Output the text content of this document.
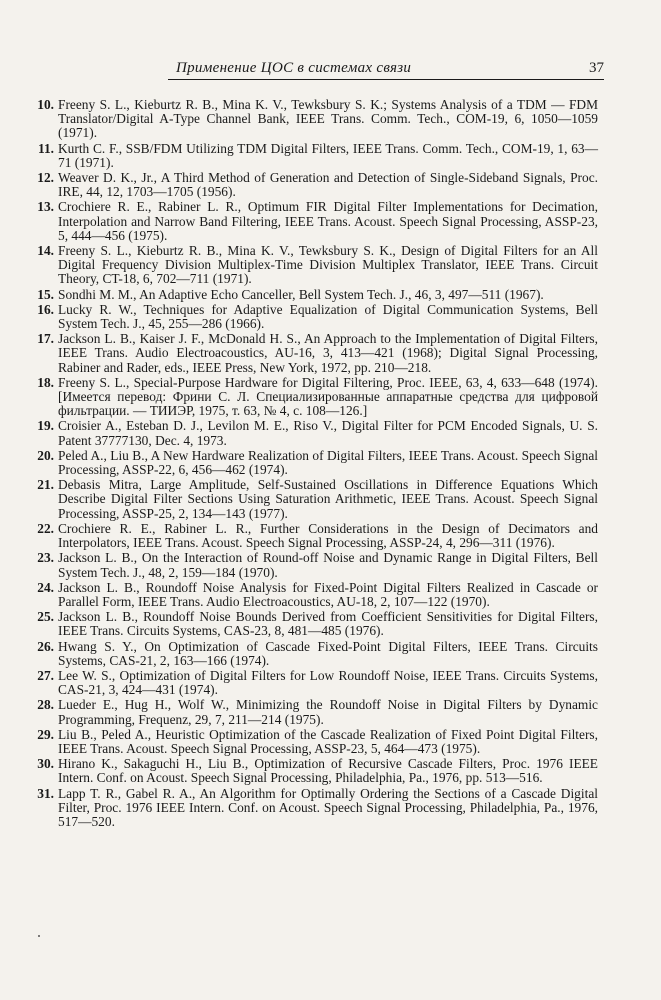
Применение ЦОС в системах связи	37
10 . Freeny S. L., Kieburtz R. B., Mina K. V., Tewksbury S. K.; Systems Analysis of a TDM — FDM Translator/Digital A-Type Channel Bank, IEEE Trans. Comm. Tech., COM-19, 6, 1050—1059 (1971).
11 . Kurth C. F., SSB/FDM Utilizing TDM Digital Filters, IEEE Trans. Comm. Tech., COM-19, 1, 63—71 (1971).
12 . Weaver D. K., Jr., A Third Method of Generation and Detection of Single-Sideband Signals, Proc. IRE, 44, 12, 1703—1705 (1956).
13 . Crochiere R. E., Rabiner L. R., Optimum FIR Digital Filter Implementations for Decimation, Interpolation and Narrow Band Filtering, IEEE Trans. Acoust. Speech Signal Processing, ASSP-23, 5, 444—456 (1975).
14 . Freeny S. L., Kieburtz R. B., Mina K. V., Tewksbury S. K., Design of Digital Filters for an All Digital Frequency Division Multiplex-Time Division Multiplex Translator, IEEE Trans. Circuit Theory, CT-18, 6, 702—711 (1971).
15 . Sondhi M. M., An Adaptive Echo Canceller, Bell System Tech. J., 46, 3, 497—511 (1967).
16 . Lucky R. W., Techniques for Adaptive Equalization of Digital Communication Systems, Bell System Tech. J., 45, 255—286 (1966).
17 . Jackson L. B., Kaiser J. F., McDonald H. S., An Approach to the Implementation of Digital Filters, IEEE Trans. Audio Electroacoustics, AU-16, 3, 413—421 (1968); Digital Signal Processing, Rabiner and Rader, eds., IEEE Press, New York, 1972, pp. 210—218.
18 . Freeny S. L., Special-Purpose Hardware for Digital Filtering, Proc. IEEE, 63, 4, 633—648 (1974). [Имеется перевод: Фрини С. Л. Специализированные аппаратные средства для цифровой фильтрации. — ТИИЭР, 1975, т. 63, № 4, с. 108—126.]
19 . Croisier A., Esteban D. J., Levilon M. E., Riso V., Digital Filter for PCM Encoded Signals, U. S. Patent 37777130, Dec. 4, 1973.
20 . Peled A., Liu B., A New Hardware Realization of Digital Filters, IEEE Trans. Acoust. Speech Signal Processing, ASSP-22, 6, 456—462 (1974).
21 . Debasis Mitra, Large Amplitude, Self-Sustained Oscillations in Difference Equations Which Describe Digital Filter Sections Using Saturation Arithmetic, IEEE Trans. Acoust. Speech Signal Processing, ASSP-25, 2, 134—143 (1977).
22 . Crochiere R. E., Rabiner L. R., Further Considerations in the Design of Decimators and Interpolators, IEEE Trans. Acoust. Speech Signal Processing, ASSP-24, 4, 296—311 (1976).
23 . Jackson L. B., On the Interaction of Round-off Noise and Dynamic Range in Digital Filters, Bell System Tech. J., 48, 2, 159—184 (1970).
24 . Jackson L. B., Roundoff Noise Analysis for Fixed-Point Digital Filters Realized in Cascade or Parallel Form, IEEE Trans. Audio Electroacoustics, AU-18, 2, 107—122 (1970).
25 . Jackson L. B., Roundoff Noise Bounds Derived from Coefficient Sensitivities for Digital Filters, IEEE Trans. Circuits Systems, CAS-23, 8, 481—485 (1976).
26 . Hwang S. Y., On Optimization of Cascade Fixed-Point Digital Filters, IEEE Trans. Circuits Systems, CAS-21, 2, 163—166 (1974).
27 . Lee W. S., Optimization of Digital Filters for Low Roundoff Noise, IEEE Trans. Circuits Systems, CAS-21, 3, 424—431 (1974).
28 . Lueder E., Hug H., Wolf W., Minimizing the Roundoff Noise in Digital Filters by Dynamic Programming, Frequenz, 29, 7, 211—214 (1975).
29 . Liu B., Peled A., Heuristic Optimization of the Cascade Realization of Fixed Point Digital Filters, IEEE Trans. Acoust. Speech Signal Processing, ASSP-23, 5, 464—473 (1975).
30 . Hirano K., Sakaguchi H., Liu B., Optimization of Recursive Cascade Filters, Proc. 1976 IEEE Intern. Conf. on Acoust. Speech Signal Processing, Philadelphia, Pa., 1976, pp. 513—516.
31 . Lapp T. R., Gabel R. A., An Algorithm for Optimally Ordering the Sections of a Cascade Digital Filter, Proc. 1976 IEEE Intern. Conf. on Acoust. Speech Signal Processing, Philadelphia, Pa., 1976, 517—520.
